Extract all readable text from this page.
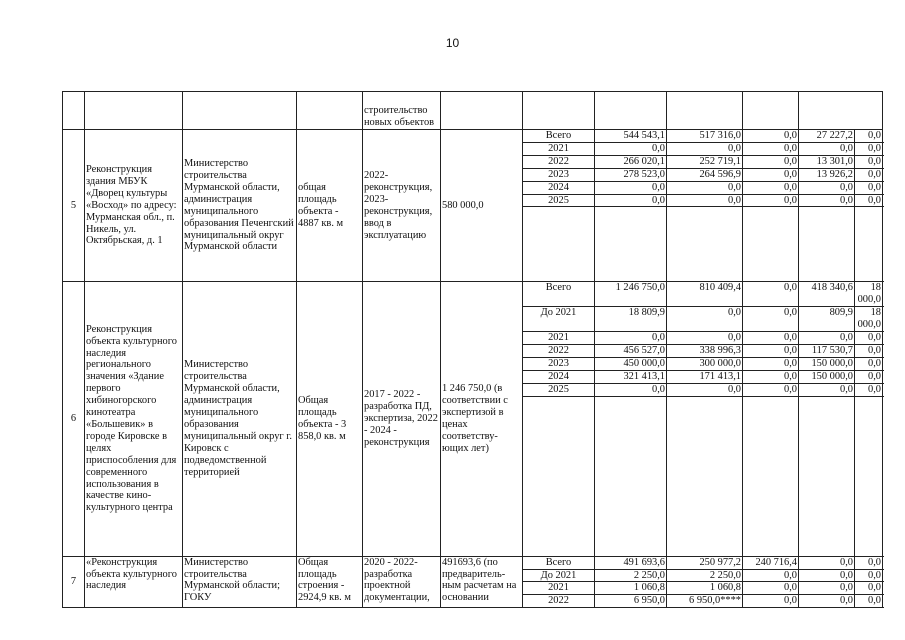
10
				строительство новых объектов							
5	Реконструкция здания МБУК «Дворец культуры «Восход» по адресу: Мурманская обл., п. Никель, ул. Октябрьская, д. 1	Министерство строительства Мурманской области, администрация муниципального образования Печенгский муниципальный округ Мурманской области	общая площадь объекта - 4887 кв. м	2022-реконструкция, 2023-реконструкция, ввод в эксплуатацию	580 000,0	Всего	544 543,1	517 316,0	0,0	27 227,2	0,0
						2021	0,0	0,0	0,0	0,0	0,0
						2022	266 020,1	252 719,1	0,0	13 301,0	0,0
						2023	278 523,0	264 596,9	0,0	13 926,2	0,0
						2024	0,0	0,0	0,0	0,0	0,0
						2025	0,0	0,0	0,0	0,0	0,0

6	Реконструкция объекта культурного наследия регионального значения «Здание первого хибиногорского кинотеатра «Большевик» в городе Кировске в целях приспособления для современного использования в качестве кино-культурного центра	Министерство строительства Мурманской области, администрация муниципального образования муниципальный округ г. Кировск с подведомственной территорией	Общая площадь объекта - 3 858,0 кв. м	2017 - 2022 - разработка ПД, экспертиза, 2022 - 2024 - реконструкция	1 246 750,0 (в соответствии с экспертизой в ценах соответству-ющих лет)	Всего	1 246 750,0	810 409,4	0,0	418 340,6	18 000,0
						До 2021	18 809,9	0,0	0,0	809,9	18 000,0
						2021	0,0	0,0	0,0	0,0	0,0
						2022	456 527,0	338 996,3	0,0	117 530,7	0,0
						2023	450 000,0	300 000,0	0,0	150 000,0	0,0
						2024	321 413,1	171 413,1	0,0	150 000,0	0,0
						2025	0,0	0,0	0,0	0,0	0,0

7	«Реконструкция объекта культурного наследия	Министерство строительства Мурманской области; ГОКУ	Общая площадь строения - 2924,9 кв. м	2020 - 2022- разработка проектной документации,	491693,6 (по предваритель-ным расчетам на основании	Всего	491 693,6	250 977,2	240 716,4	0,0	0,0
						До 2021	2 250,0	2 250,0	0,0	0,0	0,0
						2021	1 060,8	1 060,8	0,0	0,0	0,0
						2022	6 950,0	6 950,0****	0,0	0,0	0,0
